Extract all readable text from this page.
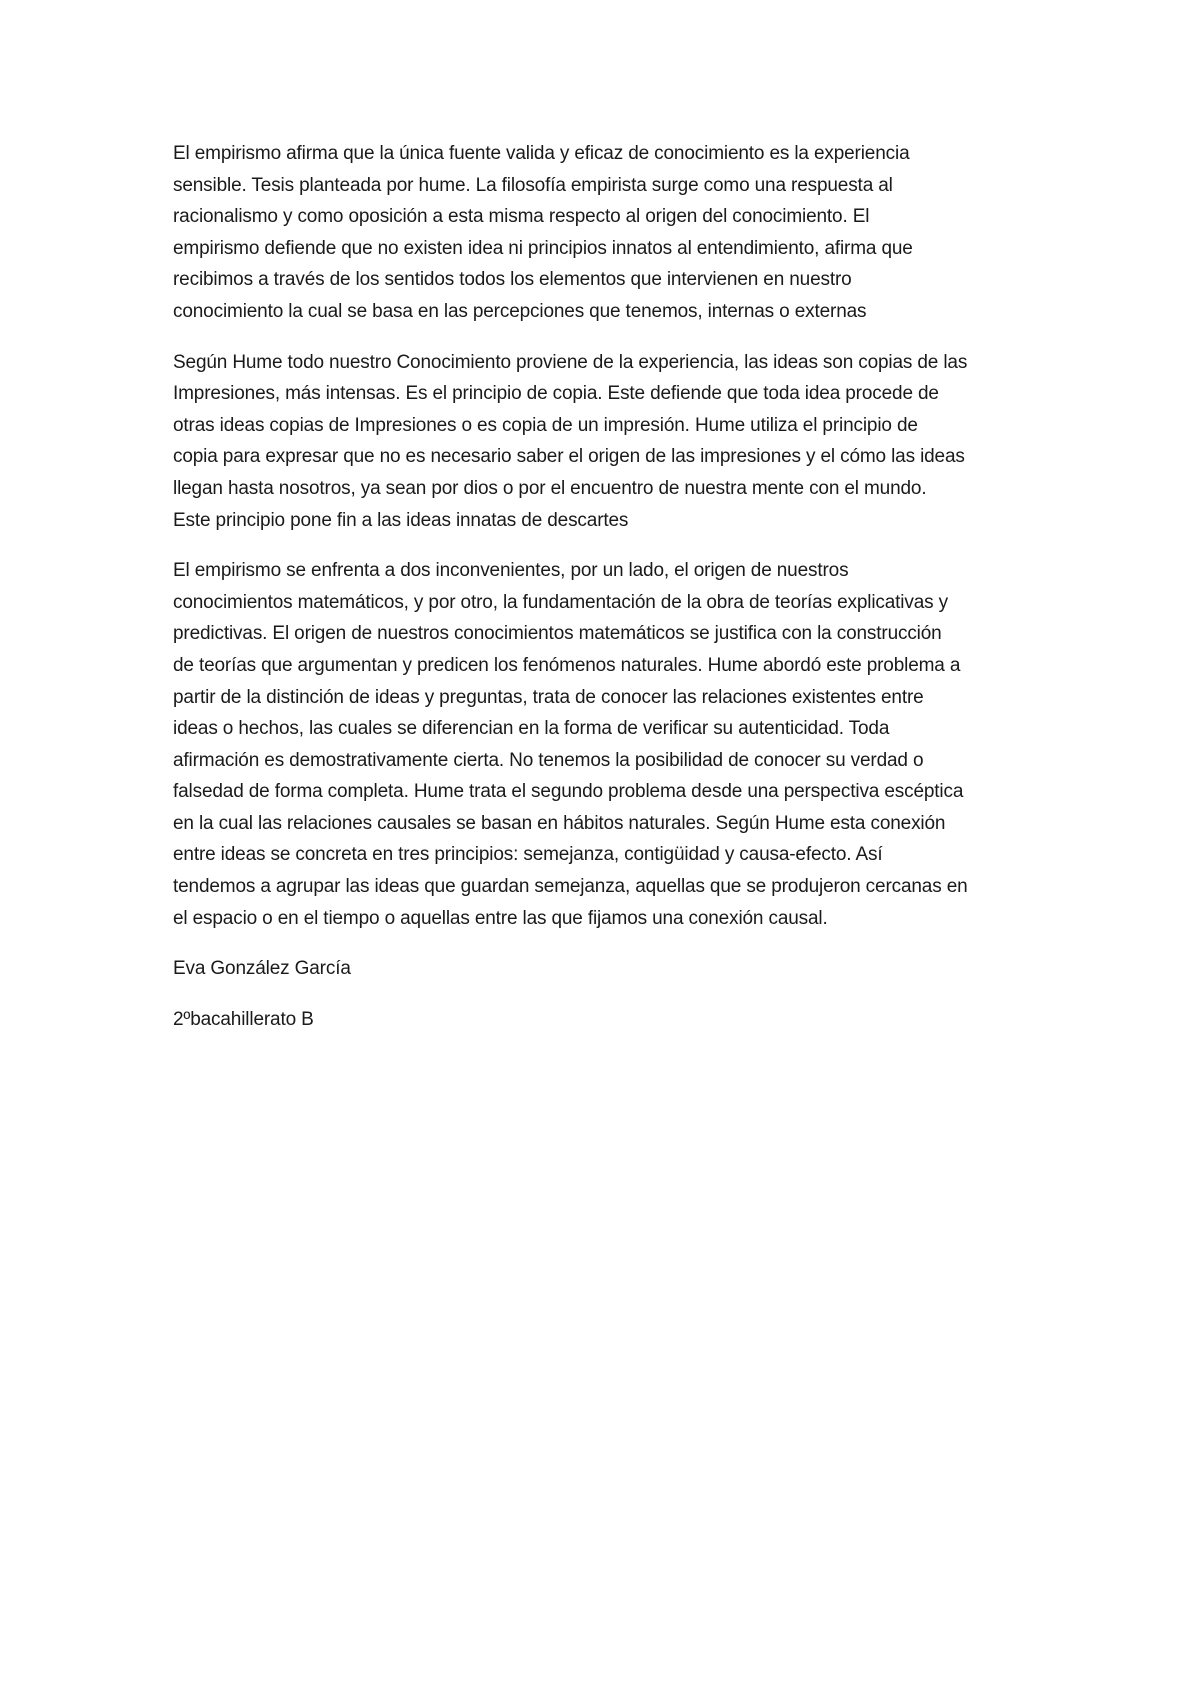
El empirismo afirma que la única fuente valida y eficaz de conocimiento es la experiencia
sensible. Tesis planteada por hume. La filosofía empirista surge como una respuesta al
racionalismo y como oposición a esta misma respecto al origen del conocimiento. El
empirismo defiende que no existen idea ni principios innatos al entendimiento, afirma que
recibimos a través de los sentidos todos los elementos que intervienen en nuestro
conocimiento la cual se basa en las percepciones que tenemos, internas o externas

Según Hume todo nuestro Conocimiento proviene de la experiencia, las ideas son copias de las
Impresiones, más intensas. Es el principio de copia. Este defiende que toda idea procede de
otras ideas copias de Impresiones o es copia de un impresión. Hume utiliza el principio de
copia para expresar que no es necesario saber el origen de las impresiones y el cómo las ideas
llegan hasta nosotros, ya sean por dios o por el encuentro de nuestra mente con el mundo.
Este principio pone fin a las ideas innatas de descartes

El empirismo se enfrenta a dos inconvenientes, por un lado, el origen de nuestros
conocimientos matemáticos, y por otro, la fundamentación de la obra de teorías explicativas y
predictivas. El origen de nuestros conocimientos matemáticos se justifica con la construcción
de teorías que argumentan y predicen los fenómenos naturales. Hume abordó este problema a
partir de la distinción de ideas y preguntas, trata de conocer las relaciones existentes entre
ideas o hechos, las cuales se diferencian en la forma de verificar su autenticidad. Toda
afirmación es demostrativamente cierta. No tenemos la posibilidad de conocer su verdad o
falsedad de forma completa. Hume trata el segundo problema desde una perspectiva escéptica
en la cual las relaciones causales se basan en hábitos naturales. Según Hume esta conexión
entre ideas se concreta en tres principios: semejanza, contigüidad y causa-efecto. Así
tendemos a agrupar las ideas que guardan semejanza, aquellas que se produjeron cercanas en
el espacio o en el tiempo o aquellas entre las que fijamos una conexión causal.

Eva González García

2ºbacahillerato B
